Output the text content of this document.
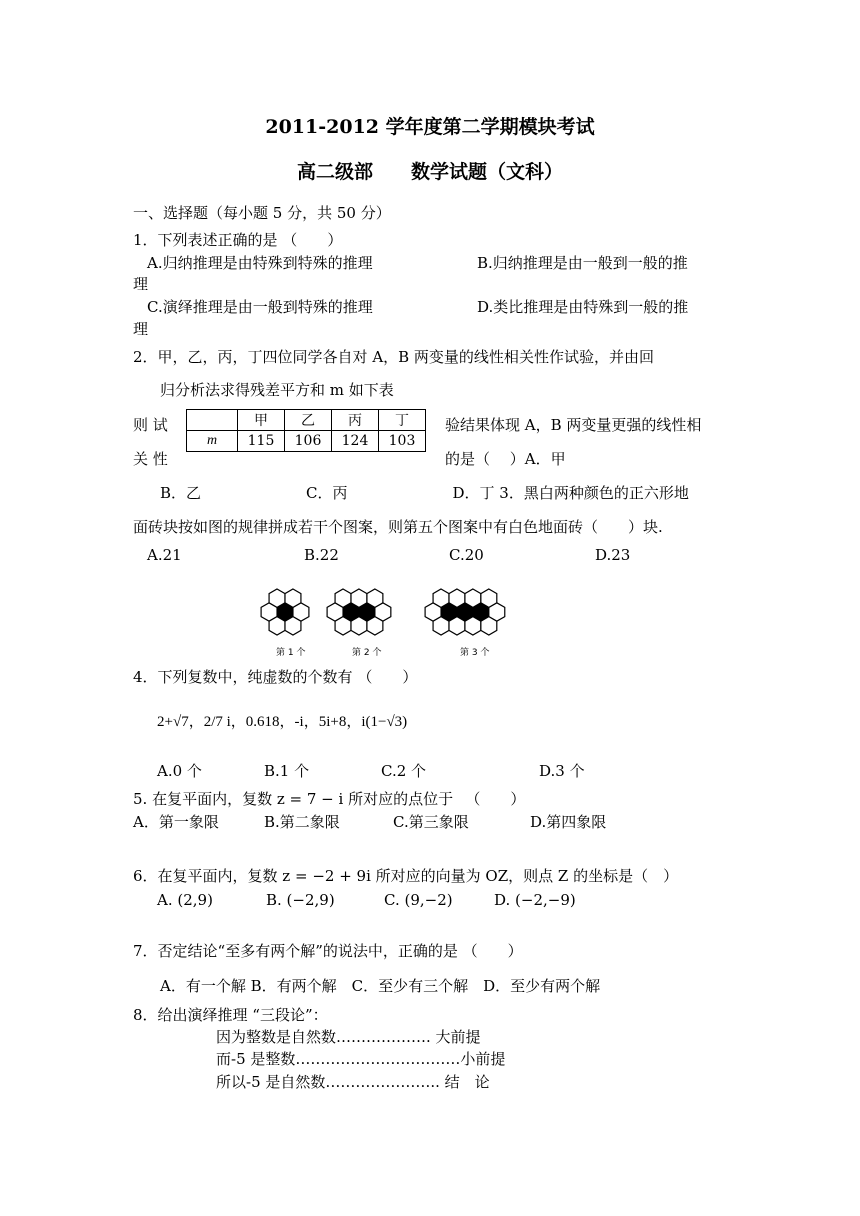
2011-2012 学年度第二学期模块考试
高二级部　　数学试题（文科）
一、选择题（每小题 5 分，共 50 分）
1．下列表述正确的是 （　　）
A.归纳推理是由特殊到特殊的推理	B.归纳推理是由一般到一般的推
理
C.演绎推理是由一般到特殊的推理	D.类比推理是由特殊到一般的推
理
2．甲，乙，丙，丁四位同学各自对 A，B 两变量的线性相关性作试验，并由回
归分析法求得残差平方和 m 如下表
则 试
关 性
验结果体现 A，B 两变量更强的线性相
的是（　 ）A．甲
	甲	乙	丙	丁
m	115	106	124	103
B．乙　　　　　　　C．丙　　　　　　　D．丁 3．黑白两种颜色的正六形地
面砖块按如图的规律拼成若干个图案，则第五个图案中有白色地面砖（　　）块.
A.21	B.22	C.20	D.23
第 1 个	第 2 个	第 3 个
4．下列复数中，纯虚数的个数有 （　　）
2+√7，2/7 i，0.618，-i，5i+8，i(1−√3)
A.0 个	B.1 个	C.2 个	D.3 个
5. 在复平面内，复数 z = 7 − i 所对应的点位于 　（　　）
A．第一象限	B.第二象限	C.第三象限	D.第四象限
6．在复平面内，复数 z = −2 + 9i 所对应的向量为 OZ，则点 Z 的坐标是（　）
A. (2,9)	B. (−2,9)	C. (9,−2)	D. (−2,−9)
7．否定结论“至多有两个解”的说法中，正确的是 （　　）
A．有一个解 B．有两个解　C．至少有三个解　D．至少有两个解
8．给出演绎推理 “三段论”：
因为整数是自然数………………. 大前提
而-5 是整数……………………………小前提
所以-5 是自然数………………….. 结　论
